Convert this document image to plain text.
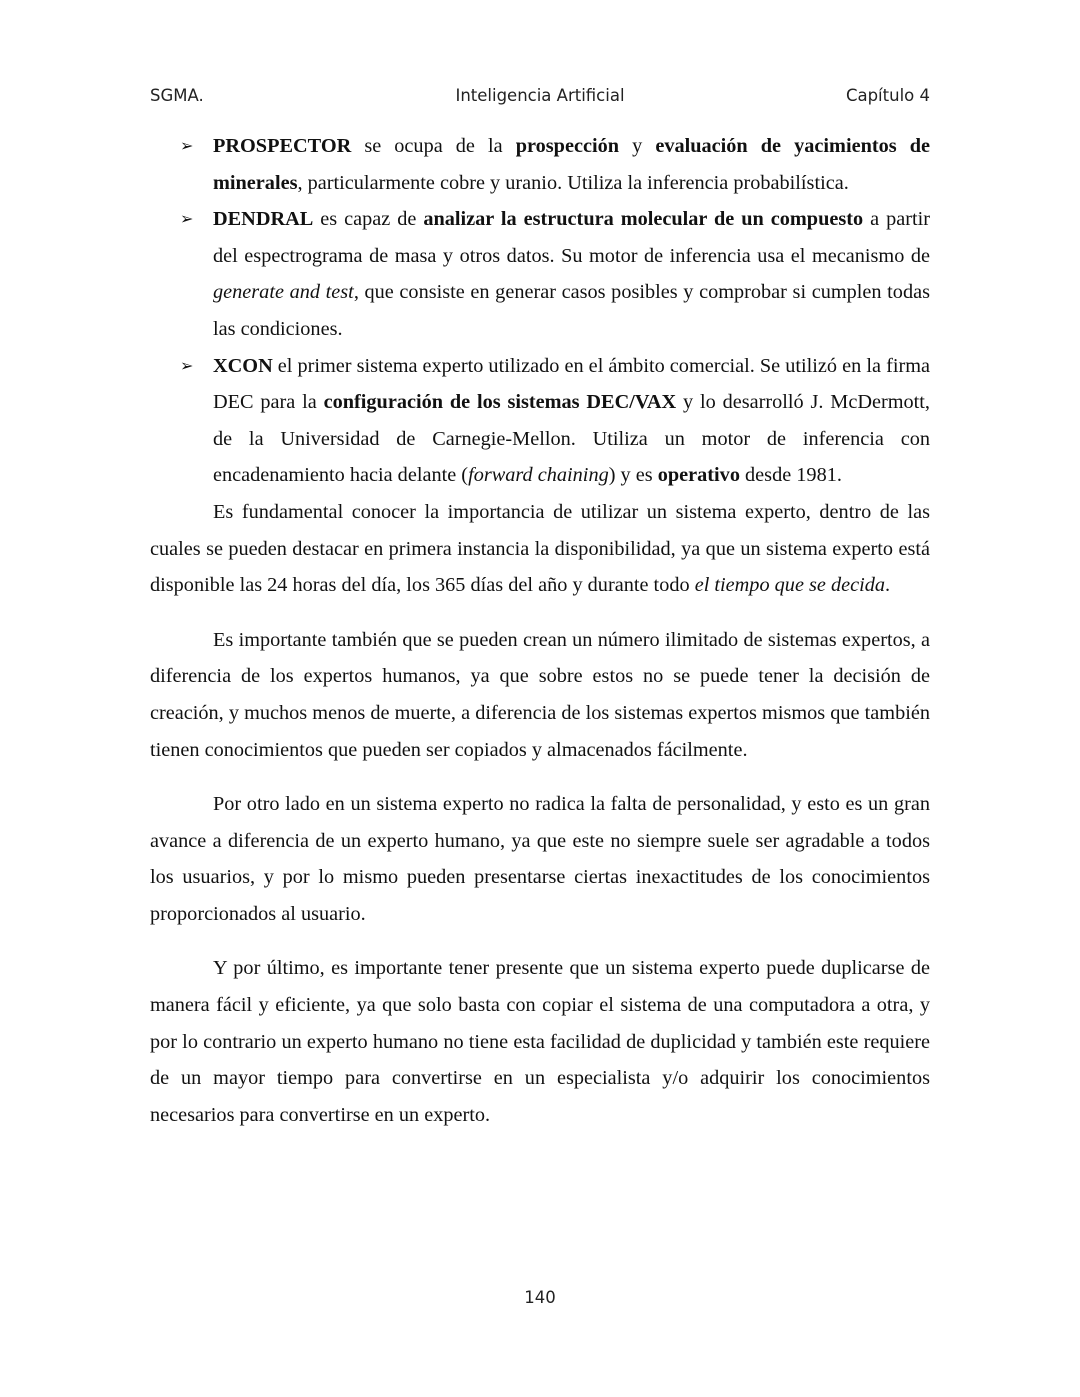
SGMA.	Inteligencia Artificial	Capítulo 4
➢ PROSPECTOR se ocupa de la prospección y evaluación de yacimientos de minerales, particularmente cobre y uranio. Utiliza la inferencia probabilística.
➢ DENDRAL es capaz de analizar la estructura molecular de un compuesto a partir del espectrograma de masa y otros datos. Su motor de inferencia usa el mecanismo de generate and test, que consiste en generar casos posibles y comprobar si cumplen todas las condiciones.
➢ XCON el primer sistema experto utilizado en el ámbito comercial. Se utilizó en la firma DEC para la configuración de los sistemas DEC/VAX y lo desarrolló J. McDermott, de la Universidad de Carnegie-Mellon. Utiliza un motor de inferencia con encadenamiento hacia delante (forward chaining) y es operativo desde 1981.

Es fundamental conocer la importancia de utilizar un sistema experto, dentro de las cuales se pueden destacar en primera instancia la disponibilidad, ya que un sistema experto está disponible las 24 horas del día, los 365 días del año y durante todo el tiempo que se decida.

Es importante también que se pueden crean un número ilimitado de sistemas expertos, a diferencia de los expertos humanos, ya que sobre estos no se puede tener la decisión de creación, y muchos menos de muerte, a diferencia de los sistemas expertos mismos que también tienen conocimientos que pueden ser copiados y almacenados fácilmente.

Por otro lado en un sistema experto no radica la falta de personalidad, y esto es un gran avance a diferencia de un experto humano, ya que este no siempre suele ser agradable a todos los usuarios, y por lo mismo pueden presentarse ciertas inexactitudes de los conocimientos proporcionados al usuario.

Y por último, es importante tener presente que un sistema experto puede duplicarse de manera fácil y eficiente, ya que solo basta con copiar el sistema de una computadora a otra, y por lo contrario un experto humano no tiene esta facilidad de duplicidad y también este requiere de un mayor tiempo para convertirse en un especialista y/o adquirir los conocimientos necesarios para convertirse en un experto.

140
